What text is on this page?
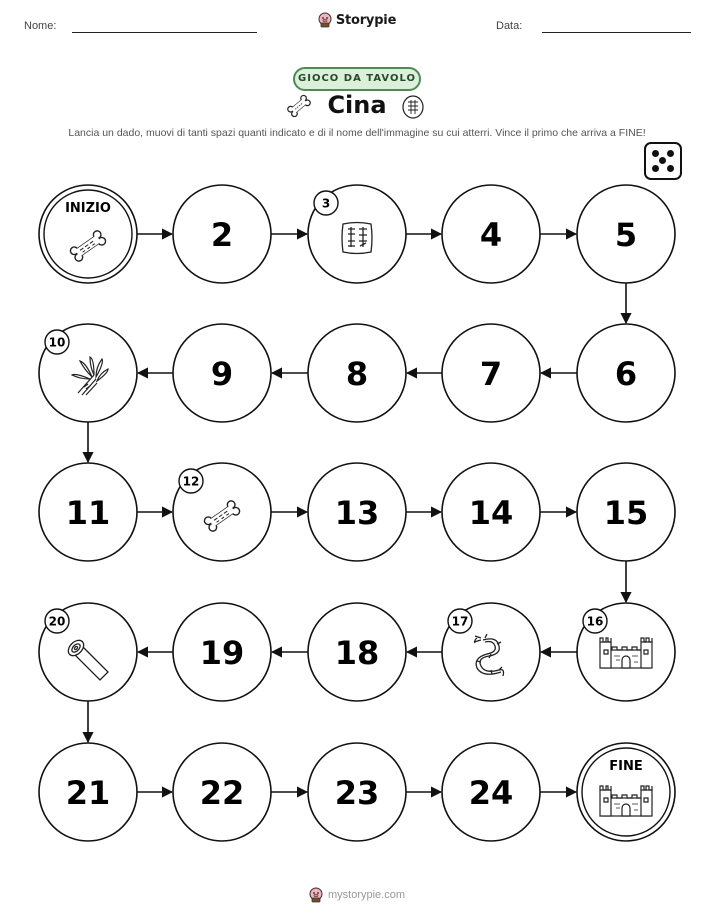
Nome:	Data:
Storypie
GIOCO DA TAVOLO
Cina
Lancia un dado, muovi di tanti spazi quanti indicato e di il nome dell'immagine su cui atterri. Vince il primo che arriva a FINE!
INIZIO
2
3
4	5
6
7
8
9
10
11
12
13	14	15
16
17
18
19
20
21	22	23	24
FINE
mystorypie.com
